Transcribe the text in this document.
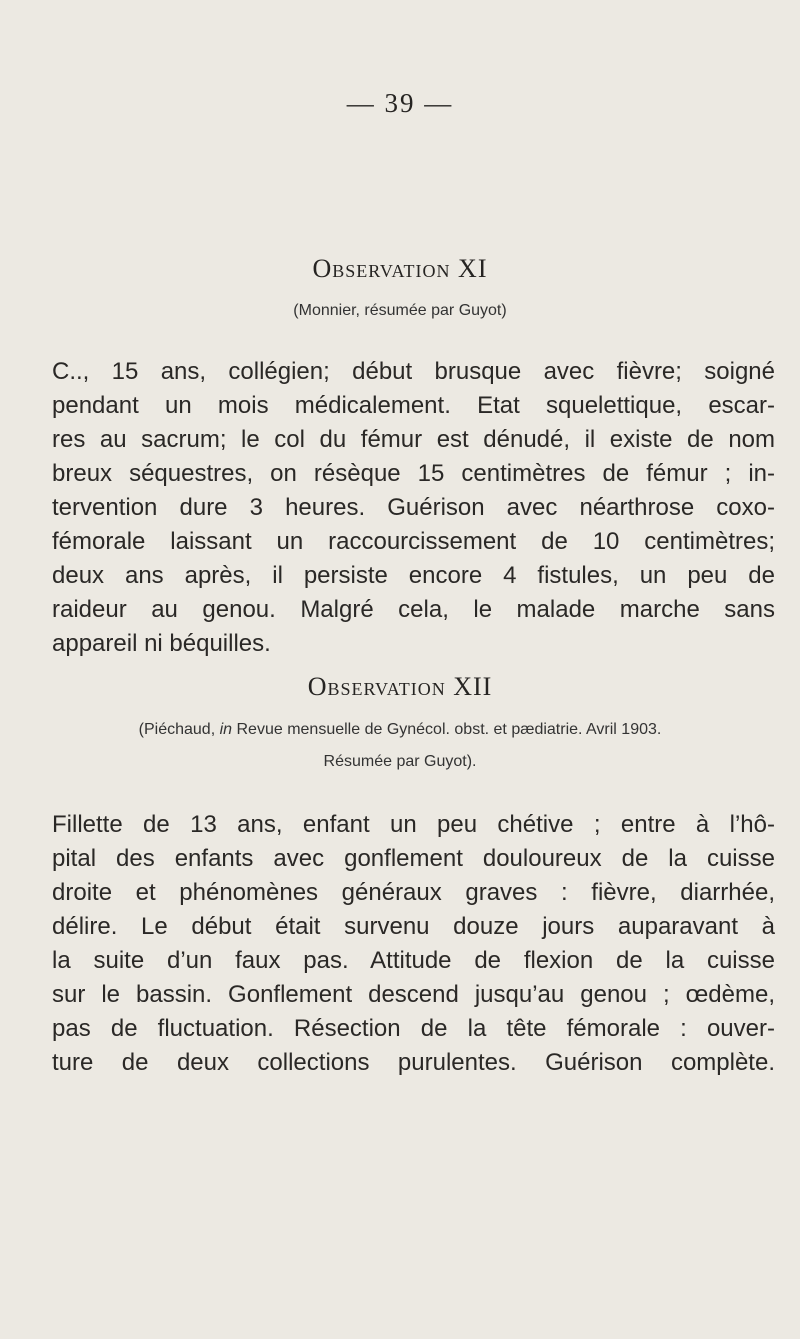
— 39 —
Observation XI
(Monnier, résumée par Guyot)
C.., 15 ans, collégien; début brusque avec fièvre; soigné
pendant un mois médicalement. Etat squelettique, escar-
res au sacrum; le col du fémur est dénudé, il existe de nom
breux séquestres, on résèque 15 centimètres de fémur ; in-
tervention dure 3 heures. Guérison avec néarthrose coxo-
fémorale laissant un raccourcissement de 10 centimètres;
deux ans après, il persiste encore 4 fistules, un peu de
raideur au genou. Malgré cela, le malade marche sans
appareil ni béquilles.
Observation XII
(Piéchaud, in Revue mensuelle de Gynécol. obst. et pædiatrie. Avril 1903.
Résumée par Guyot).
Fillette de 13 ans, enfant un peu chétive ; entre à l’hô-
pital des enfants avec gonflement douloureux de la cuisse
droite et phénomènes généraux graves : fièvre, diarrhée,
délire. Le début était survenu douze jours auparavant à
la suite d’un faux pas. Attitude de flexion de la cuisse
sur le bassin. Gonflement descend jusqu’au genou ; œdème,
pas de fluctuation. Résection de la tête fémorale : ouver-
ture de deux collections purulentes. Guérison complète.
